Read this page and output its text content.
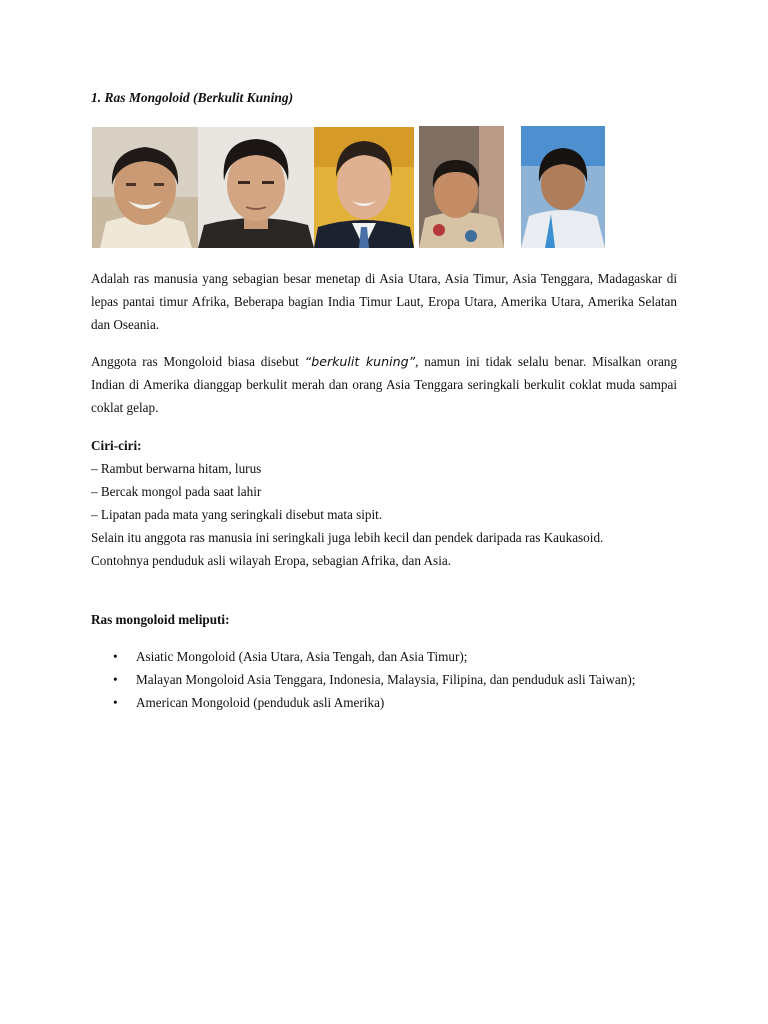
1. Ras Mongoloid (Berkulit Kuning)

Adalah ras manusia yang sebagian besar menetap di Asia Utara, Asia Timur, Asia Tenggara, Madagaskar di lepas pantai timur Afrika, Beberapa bagian India Timur Laut, Eropa Utara, Amerika Utara, Amerika Selatan dan Oseania.

Anggota ras Mongoloid biasa disebut “berkulit kuning”, namun ini tidak selalu benar. Misalkan orang Indian di Amerika dianggap berkulit merah dan orang Asia Tenggara seringkali berkulit coklat muda sampai coklat gelap.

Ciri-ciri:
– Rambut berwarna hitam, lurus
– Bercak mongol pada saat lahir
– Lipatan pada mata yang seringkali disebut mata sipit.
Selain itu anggota ras manusia ini seringkali juga lebih kecil dan pendek daripada ras Kaukasoid.
Contohnya penduduk asli wilayah Eropa, sebagian Afrika, dan Asia.

Ras mongoloid meliputi:

• Asiatic Mongoloid (Asia Utara, Asia Tengah, dan Asia Timur);
• Malayan Mongoloid Asia Tenggara, Indonesia, Malaysia, Filipina, dan penduduk asli Taiwan);
• American Mongoloid (penduduk asli Amerika)
